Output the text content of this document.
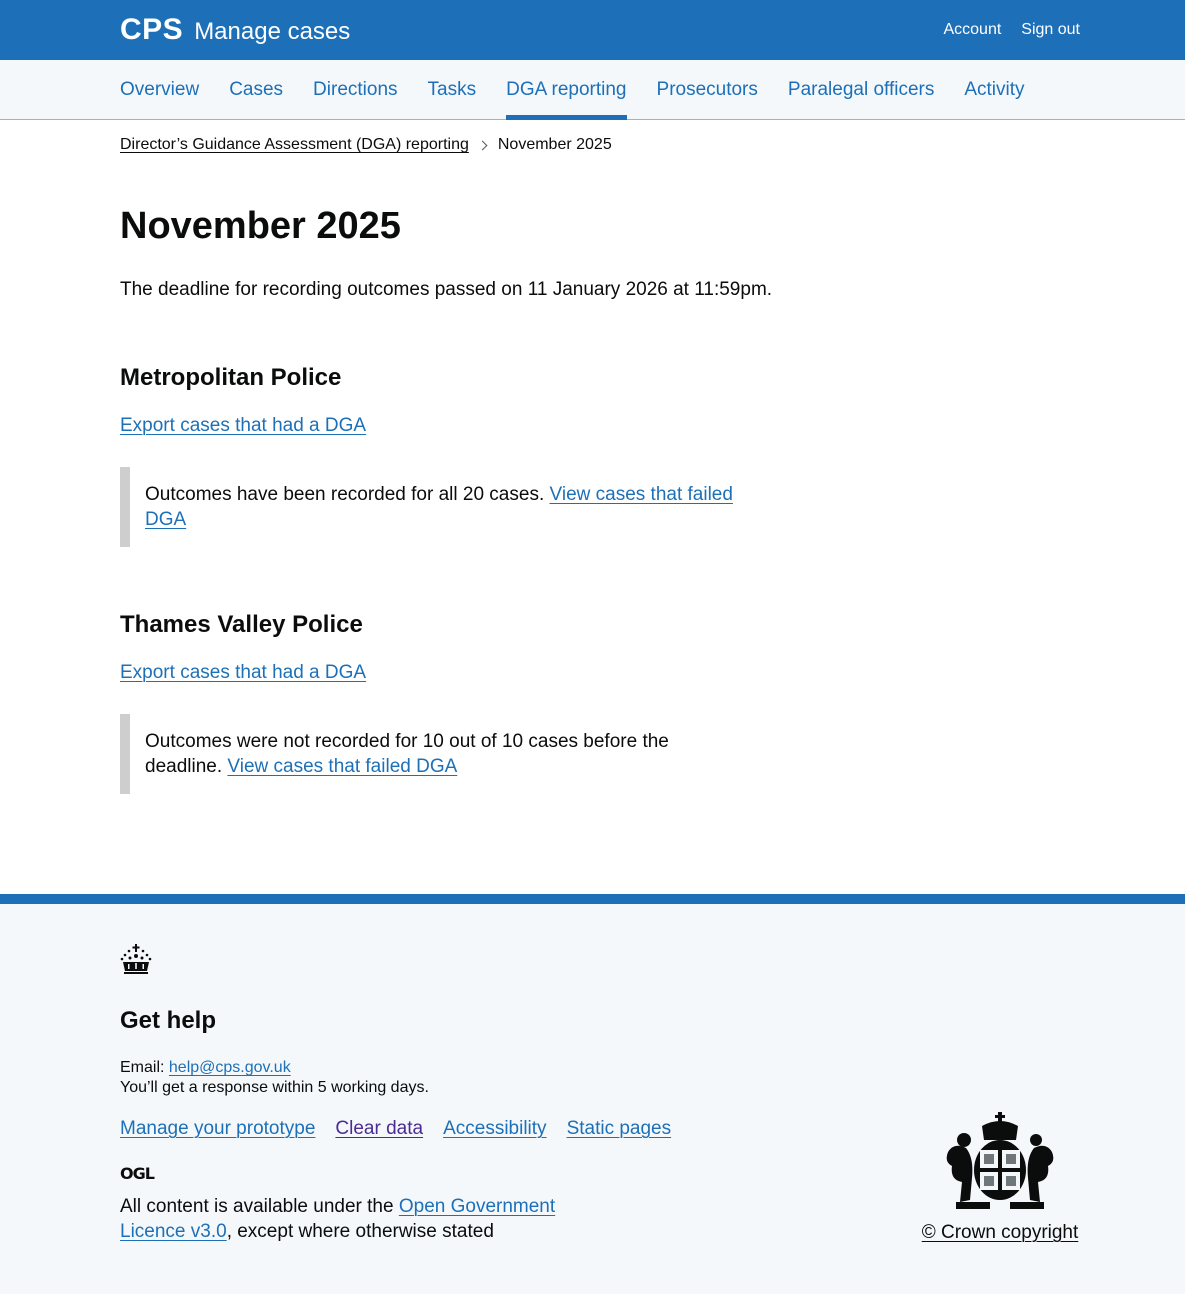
CPS Manage cases	Account Sign out
Overview Cases Directions Tasks DGA reporting Prosecutors Paralegal officers Activity
Director’s Guidance Assessment (DGA) reporting November 2025
November 2025

The deadline for recording outcomes passed on 11 January 2026 at 11:59pm.

Metropolitan Police
Export cases that had a DGA
Outcomes have been recorded for all 20 cases. View cases that failed DGA
Thames Valley Police
Export cases that had a DGA
Outcomes were not recorded for 10 out of 10 cases before the deadline. View cases that failed DGA
Get help
Email: help@cps.gov.uk
You’ll get a response within 5 working days.
Manage your prototype Clear data Accessibility Static pages
OGL

All content is available under the Open Government Licence v3.0, except where otherwise stated	© Crown copyright
